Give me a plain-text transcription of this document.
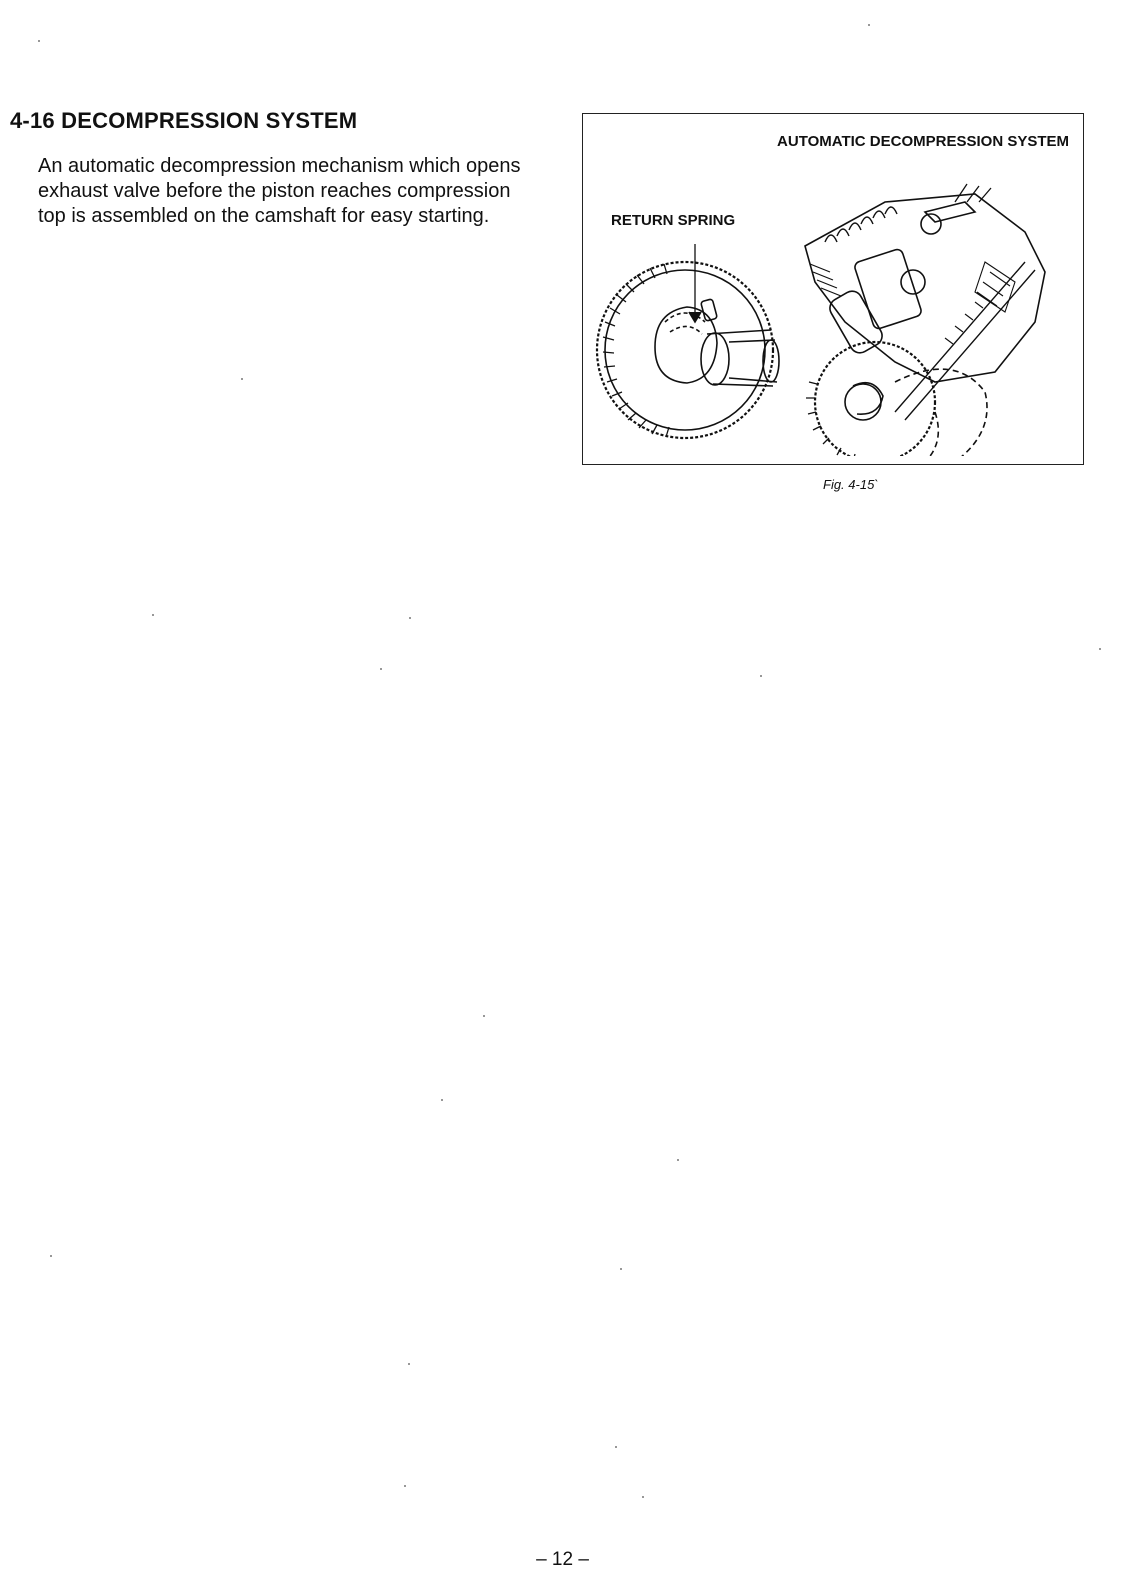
4-16 DECOMPRESSION SYSTEM

An automatic decompression mechanism which opens exhaust valve before the piston reaches compression top is assembled on the camshaft for easy starting.

AUTOMATIC DECOMPRESSION SYSTEM
RETURN SPRING
Fig. 4-15`
– 12 –
